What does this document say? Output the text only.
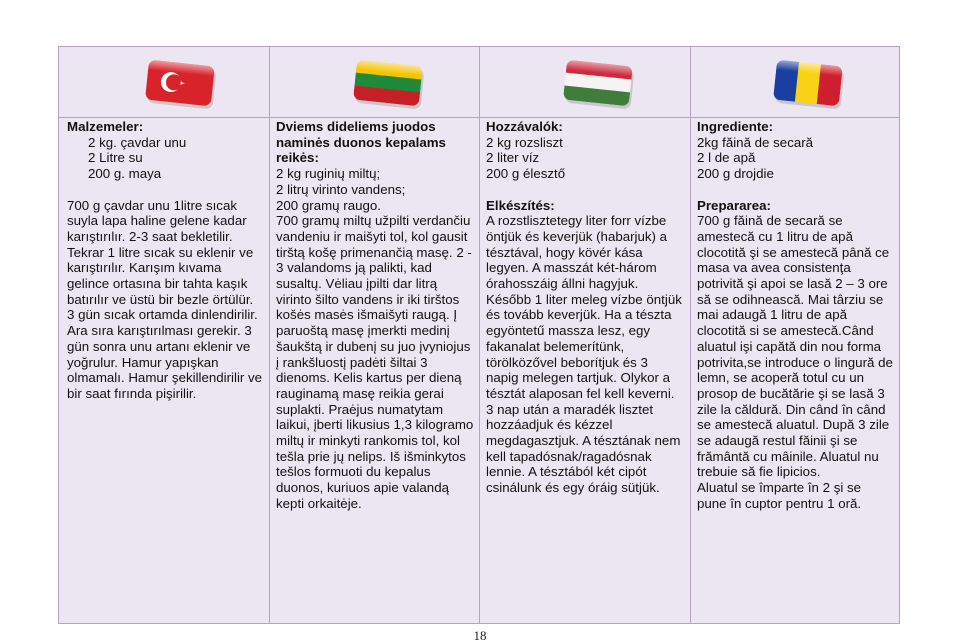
Malzemeler:

2 kg. çavdar unu

2 Litre su

200 g. maya

700 g çavdar unu 1litre sıcak suyla lapa haline gelene kadar karıştırılır. 2-3 saat bekletilir. Tekrar 1 litre sıcak su eklenir ve karıştırılır. Karışım kıvama gelince ortasına bir tahta kaşık batırılır ve üstü bir bezle örtülür. 3 gün sıcak ortamda dinlendirilir. Ara sıra karıştırılması gerekir. 3 gün sonra unu artanı eklenir ve yoğrulur. Hamur yapışkan olmamalı. Hamur şekillendirilir ve bir saat fırında pişirilir.

Dviems dideliems juodos naminės duonos kepalams reikės:

2 kg ruginių miltų;

2 litrų virinto vandens;

200 gramų raugo.

700 gramų miltų užpilti verdančiu vandeniu ir maišyti tol, kol gausit tirštą košę primenančią masę. 2 - 3 valandoms ją palikti, kad susaltų. Vėliau įpilti dar litrą virinto šilto vandens ir iki tirštos košės masės išmaišyti raugą. Į paruoštą masę įmerkti medinį šaukštą ir dubenį su juo įvyniojus į rankšluostį padėti šiltai 3 dienoms. Kelis kartus per dieną rauginamą masę reikia gerai suplakti. Praėjus numatytam laikui, įberti likusius 1,3 kilogramo miltų ir minkyti rankomis tol, kol tešla prie jų nelips. Iš išminkytos tešlos formuoti du kepalus duonos, kuriuos apie valandą kepti orkaitėje.

Hozzávalók:

2 kg rozsliszt

2 liter víz

200 g élesztő

Elkészítés:

A rozstlisztetegy liter forr vízbe öntjük és keverjük (habarjuk) a tésztával, hogy kövér kása legyen. A masszát két-három órahosszáig állni hagyjuk. Később 1 liter meleg vízbe öntjük és tovább keverjük. Ha a tészta egyöntetű massza lesz, egy fakanalat belemerítünk, törölközővel beborítjuk és 3 napig melegen tartjuk. Olykor a tésztát alaposan fel kell keverni. 3 nap után a maradék lisztet hozzáadjuk és kézzel megdagasztjuk. A tésztának nem kell tapadósnak/ragadósnak lennie. A tésztából két cipót csinálunk és egy óráig sütjük.

Ingrediente:

2kg făină de secară

2 l de apă

200 g drojdie

Prepararea:

700 g făină de secară se amestecă cu 1 litru de apă clocotită şi se amestecă până ce masa va avea consistenţa potrivită şi apoi se lasă 2 – 3 ore să se odihnească. Mai târziu se mai adaugă 1 litru de apă clocotită si se amestecă.Când aluatul işi capătă din nou forma potrivita,se introduce o lingură de lemn, se acoperă totul cu un prosop de bucătărie şi se lasă 3 zile la căldură. Din când în când se amestecă aluatul. După 3 zile se adaugă restul făinii şi se frământă cu mâinile. Aluatul nu trebuie să fie lipicios.

Aluatul se împarte în 2 şi se pune în cuptor pentru 1 oră.

18
